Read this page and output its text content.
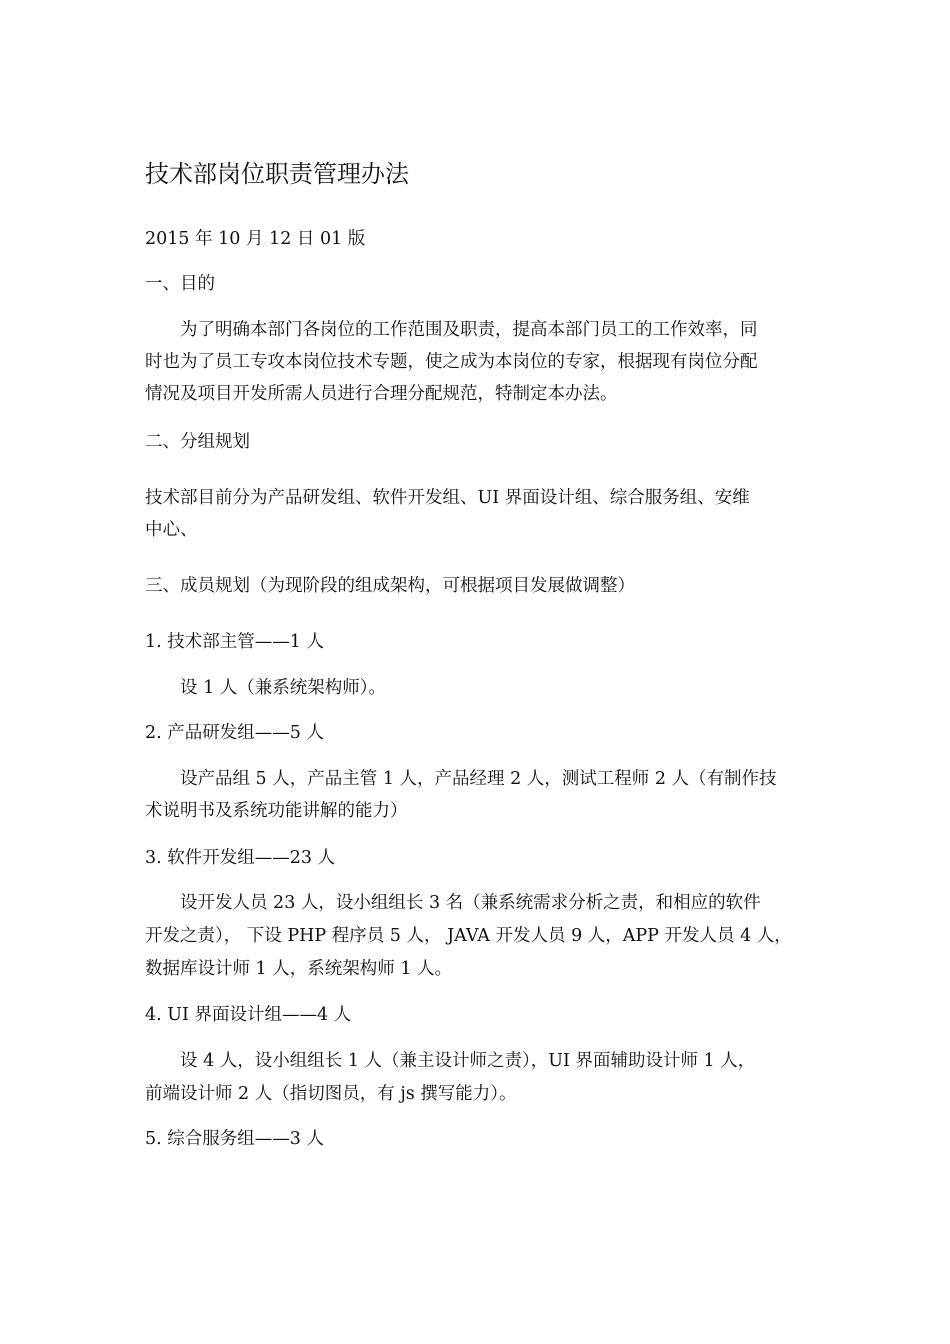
技术部岗位职责管理办法
2015 年 10 月 12 日 01 版
一、目的
为了明确本部门各岗位的工作范围及职责，提高本部门员工的工作效率，同
时也为了员工专攻本岗位技术专题，使之成为本岗位的专家，根据现有岗位分配
情况及项目开发所需人员进行合理分配规范，特制定本办法。
二、分组规划
技术部目前分为产品研发组、软件开发组、UI 界面设计组、综合服务组、安维
中心、
三、成员规划（为现阶段的组成架构，可根据项目发展做调整）
1. 技术部主管——1 人
设 1 人（兼系统架构师）。
2. 产品研发组——5 人
设产品组 5 人，产品主管 1 人，产品经理 2 人，测试工程师 2 人（有制作技
术说明书及系统功能讲解的能力）
3. 软件开发组——23 人
设开发人员 23 人，设小组组长 3 名（兼系统需求分析之责，和相应的软件
开发之责）， 下设 PHP 程序员 5 人， JAVA 开发人员 9 人，APP 开发人员 4 人，
数据库设计师 1 人，系统架构师 1 人。
4. UI 界面设计组——4 人
设 4 人，设小组组长 1 人（兼主设计师之责），UI 界面辅助设计师 1 人，
前端设计师 2 人（指切图员，有 js 撰写能力）。
5. 综合服务组——3 人
